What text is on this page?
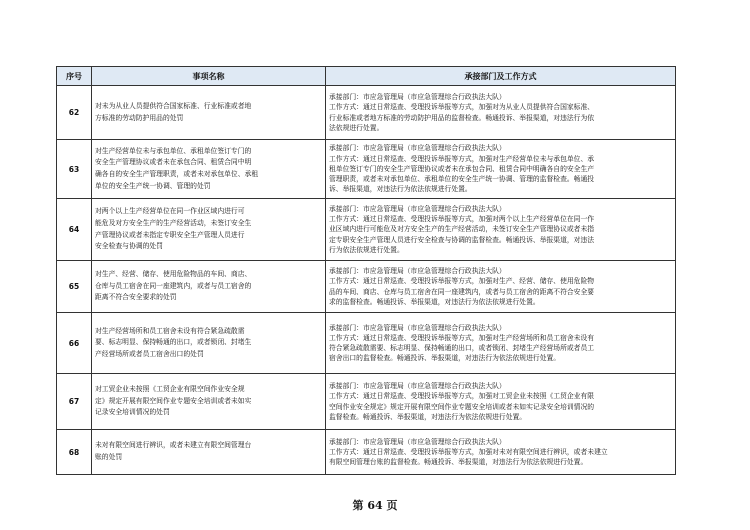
序号	事项名称	承接部门及工作方式
62	对未为从业人员提供符合国家标准、行业标准或者地
方标准的劳动防护用品的处罚	承接部门：市应急管理局（市应急管理综合行政执法大队）
工作方式：通过日常巡查、受理投诉举报等方式，加强对为从业人员提供符合国家标准、
行业标准或者地方标准的劳动防护用品的监督检查。畅通投诉、举报渠道，对违法行为依
法依规进行处置。

63	对生产经营单位未与承包单位、承租单位签订专门的
安全生产管理协议或者未在承包合同、租赁合同中明
确各自的安全生产管理职责，或者未对承包单位、承租
单位的安全生产统一协调、管理的处罚	承接部门：市应急管理局（市应急管理综合行政执法大队）
工作方式：通过日常巡查、受理投诉举报等方式，加强对生产经营单位未与承包单位、承
租单位签订专门的安全生产管理协议或者未在承包合同、租赁合同中明确各自的安全生产
管理职责，或者未对承包单位、承租单位的安全生产统一协调、管理的监督检查。畅通投
诉、举报渠道，对违法行为依法依规进行处置。

64	对两个以上生产经营单位在同一作业区域内进行可
能危及对方安全生产的生产经营活动，未签订安全生
产管理协议或者未指定专职安全生产管理人员进行
安全检查与协调的处罚	承接部门：市应急管理局（市应急管理综合行政执法大队）
工作方式：通过日常巡查、受理投诉举报等方式，加强对两个以上生产经营单位在同一作
业区域内进行可能危及对方安全生产的生产经营活动，未签订安全生产管理协议或者未指
定专职安全生产管理人员进行安全检查与协调的监督检查。畅通投诉、举报渠道，对违法
行为依法依规进行处置。

65	对生产、经营、储存、使用危险物品的车间、商店、
仓库与员工宿舍在同一座建筑内，或者与员工宿舍的
距离不符合安全要求的处罚	承接部门：市应急管理局（市应急管理综合行政执法大队）
工作方式：通过日常巡查、受理投诉举报等方式，加强对生产、经营、储存、使用危险物
品的车间、商店、仓库与员工宿舍在同一座建筑内，或者与员工宿舍的距离不符合安全要
求的监督检查。畅通投诉、举报渠道，对违法行为依法依规进行处置。

66	对生产经营场所和员工宿舍未设有符合紧急疏散需
要、标志明显、保持畅通的出口，或者锁闭、封堵生
产经营场所或者员工宿舍出口的处罚	承接部门：市应急管理局（市应急管理综合行政执法大队）
工作方式：通过日常巡查、受理投诉举报等方式，加强对生产经营场所和员工宿舍未设有
符合紧急疏散需要、标志明显、保持畅通的出口，或者锁闭、封堵生产经营场所或者员工
宿舍出口的监督检查。畅通投诉、举报渠道，对违法行为依法依规进行处置。

67	对工贸企业未按照《工贸企业有限空间作业安全规
定》规定开展有限空间作业专题安全培训或者未如实
记录安全培训情况的处罚	承接部门：市应急管理局（市应急管理综合行政执法大队）
工作方式：通过日常巡查、受理投诉举报等方式，加强对工贸企业未按照《工贸企业有限
空间作业安全规定》规定开展有限空间作业专题安全培训或者未如实记录安全培训情况的
监督检查。畅通投诉、举报渠道，对违法行为依法依规进行处置。

68	未对有限空间进行辨识，或者未建立有限空间管理台
账的处罚	承接部门：市应急管理局（市应急管理综合行政执法大队）
工作方式：通过日常巡查、受理投诉举报等方式，加强对未对有限空间进行辨识，或者未建立
有限空间管理台账的监督检查。畅通投诉、举报渠道，对违法行为依法依规进行处置。
第 64 页
